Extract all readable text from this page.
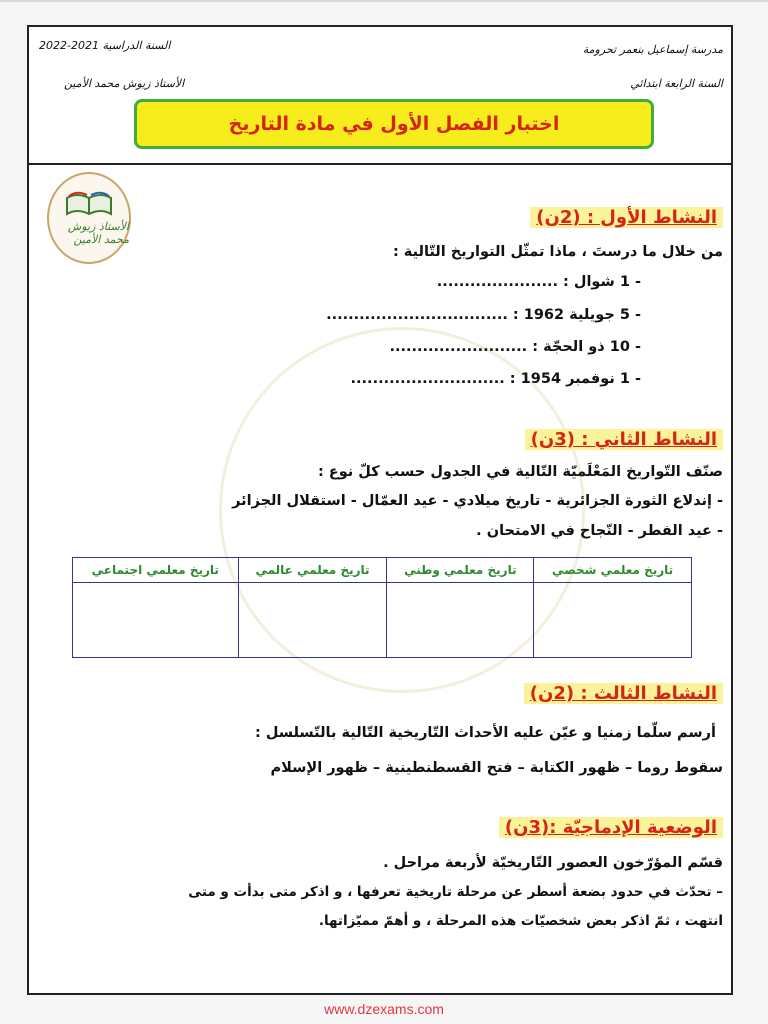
السنة الدراسية 2021-2022
الأستاذ زيوش محمد الأمين
مدرسة إسماعيل بنعمر تحرومة
السنة الرابعة ابتدائي
اختبار الفصل الأول في مادة التاريخ
الأستاذ زيوش محمد الأمين
النشاط الأول : (2ن)
من خلال ما درستَ ، ماذا تمثّل التواريخ التّالية :
- 1 شوال : ......................
- 5 جويلية 1962 : .................................
- 10 ذو الحجّة : .........................
- 1 نوفمبر 1954 : ............................
النشاط الثاني : (3ن)
صنّف التّواريخ المَعْلَميّة التّالية في الجدول حسب كلّ نوع :
- إندلاع الثورة الجزائرية - تاريخ ميلادي - عيد العمّال - استقلال الجزائر
- عيد الفطر - النّجاح في الامتحان .
تاريخ معلمي شخصي	تاريخ معلمي وطني	تاريخ معلمي عالمي	تاريخ معلمي اجتماعي

النشاط الثالث : (2ن)
أرسم سلّما زمنيا و عيّن عليه الأحداث التّاريخية التّالية بالتّسلسل :
سقوط روما – ظهور الكتابة – فتح القسطنطينية – ظهور الإسلام
الوضعية الإدماجيّة :(3ن)
قسّم المؤرّخون العصور التّاريخيّة لأربعة مراحل .
– تحدّث في حدود بضعة أسطر عن مرحلة تاريخية تعرفها ، و اذكر متى بدأت و متى
انتهت ، ثمّ اذكر بعض شخصيّات هذه المرحلة ، و أهمّ مميّزاتها.
www.dzexams.com
